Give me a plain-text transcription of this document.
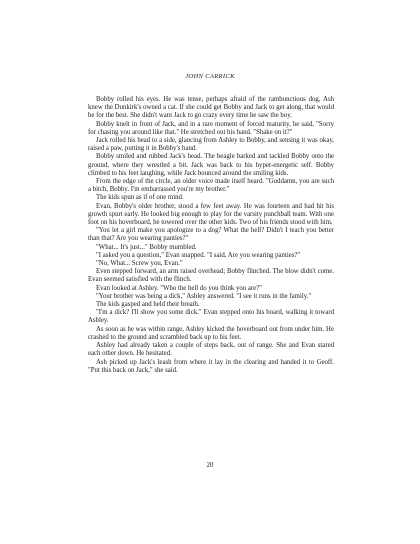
JOHN CARRICK

Bobby rolled his eyes. He was tense, perhaps afraid of the rambunctious dog, Ash knew the Dunkirk's owned a cat. If she could get Bobby and Jack to get along, that would be for the best. She didn't want Jack to go crazy every time he saw the boy.

Bobby knelt in front of Jack, and in a rare moment of forced maturity, he said, "Sorry for chasing you around like that." He stretched out his hand. "Shake on it?"

Jack rolled his head to a side, glancing from Ashley to Bobby, and sensing it was okay, raised a paw, putting it in Bobby's hand.

Bobby smiled and rubbed Jack's head. The beagle barked and tackled Bobby onto the ground, where they wrestled a bit. Jack was back to his hyper-energetic self. Bobby climbed to his feet laughing, while Jack bounced around the smiling kids.

From the edge of the circle, an older voice made itself heard. "Goddamn, you are such a bitch, Bobby. I'm embarrassed you're my brother."

The kids spun as if of one mind.

Evan, Bobby's older brother, stood a few feet away. He was fourteen and had hit his growth spurt early. He looked big enough to play for the varsity punchball team. With one foot on his hoverboard, he towered over the other kids. Two of his friends stood with him.

"You let a girl make you apologize to a dog? What the hell? Didn't I teach you better than that? Are you wearing panties?"

"What... It's just..." Bobby mumbled.

"I asked you a question," Evan snapped. "I said, Are you wearing panties?"

"No, What... Screw you, Evan."

Even stepped forward, an arm raised overhead; Bobby flinched. The blow didn't come. Evan seemed satisfied with the flinch.

Evan looked at Ashley. "Who the hell do you think you are?"

"Your brother was being a dick," Ashley answered. "I see it runs in the family."

The kids gasped and held their breath.

"I'm a dick? I'll show you some dick." Evan stepped onto his board, walking it toward Ashley.

As soon as he was within range, Ashley kicked the hoverboard out from under him. He crashed to the ground and scrambled back up to his feet.

Ashley had already taken a couple of steps back, out of range. She and Evan stared each other down. He hesitated.

Ash picked up Jack's leash from where it lay in the clearing and handed it to Geoff. "Put this back on Jack," she said.

20
